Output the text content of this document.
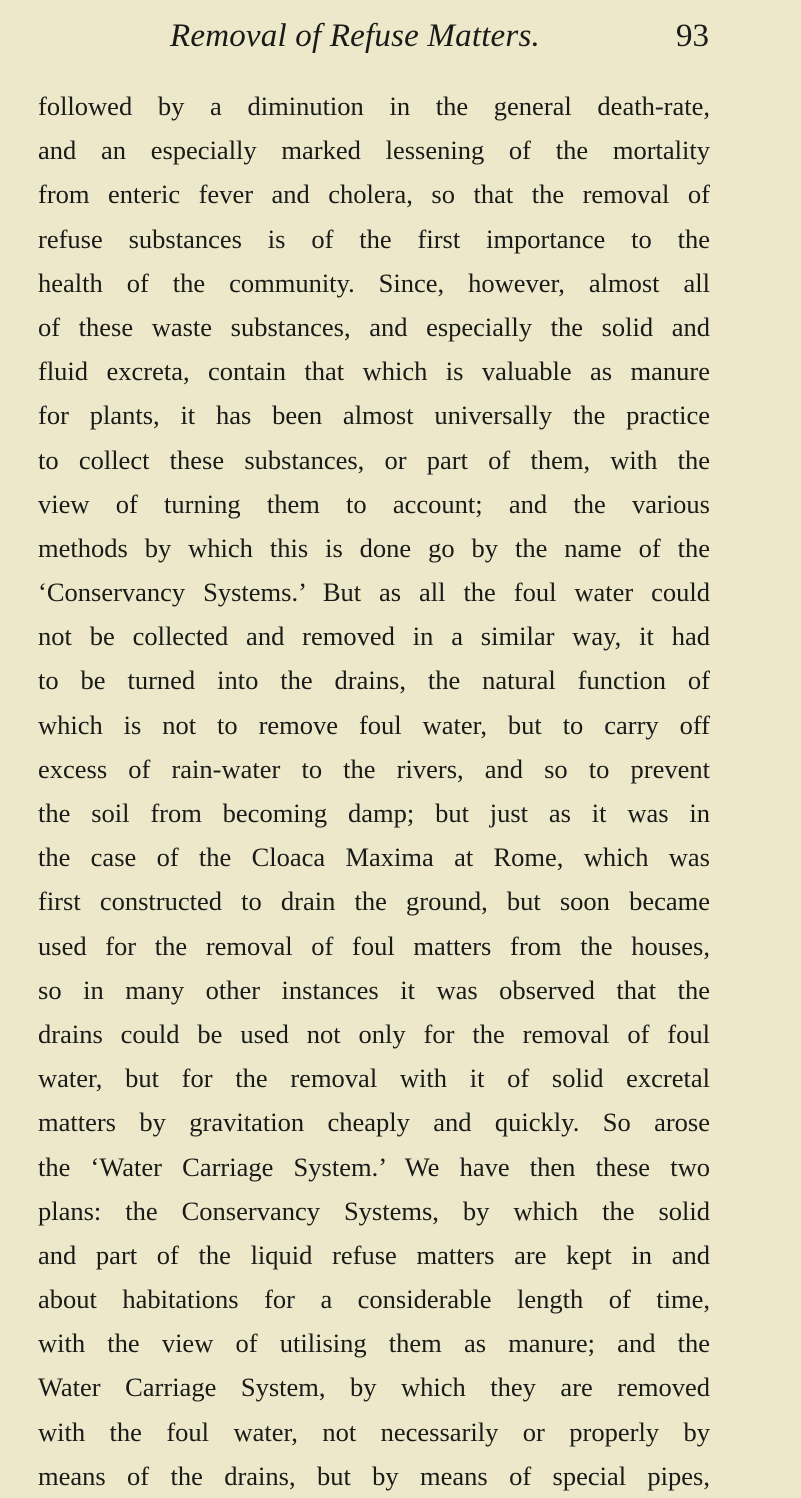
Removal of Refuse Matters.	93
followed by a diminution in the general death-rate,
and an especially marked lessening of the mortality
from enteric fever and cholera, so that the removal of
refuse substances is of the first importance to the
health of the community. Since, however, almost all
of these waste substances, and especially the solid and
fluid excreta, contain that which is valuable as manure
for plants, it has been almost universally the practice
to collect these substances, or part of them, with the
view of turning them to account; and the various
methods by which this is done go by the name of the
‘Conservancy Systems.’ But as all the foul water could
not be collected and removed in a similar way, it had
to be turned into the drains, the natural function of
which is not to remove foul water, but to carry off
excess of rain-water to the rivers, and so to prevent
the soil from becoming damp; but just as it was in
the case of the Cloaca Maxima at Rome, which was
first constructed to drain the ground, but soon became
used for the removal of foul matters from the houses,
so in many other instances it was observed that the
drains could be used not only for the removal of foul
water, but for the removal with it of solid excretal
matters by gravitation cheaply and quickly. So arose
the ‘Water Carriage System.’ We have then these two
plans: the Conservancy Systems, by which the solid
and part of the liquid refuse matters are kept in and
about habitations for a considerable length of time,
with the view of utilising them as manure; and the
Water Carriage System, by which they are removed
with the foul water, not necessarily or properly by
means of the drains, but by means of special pipes,
